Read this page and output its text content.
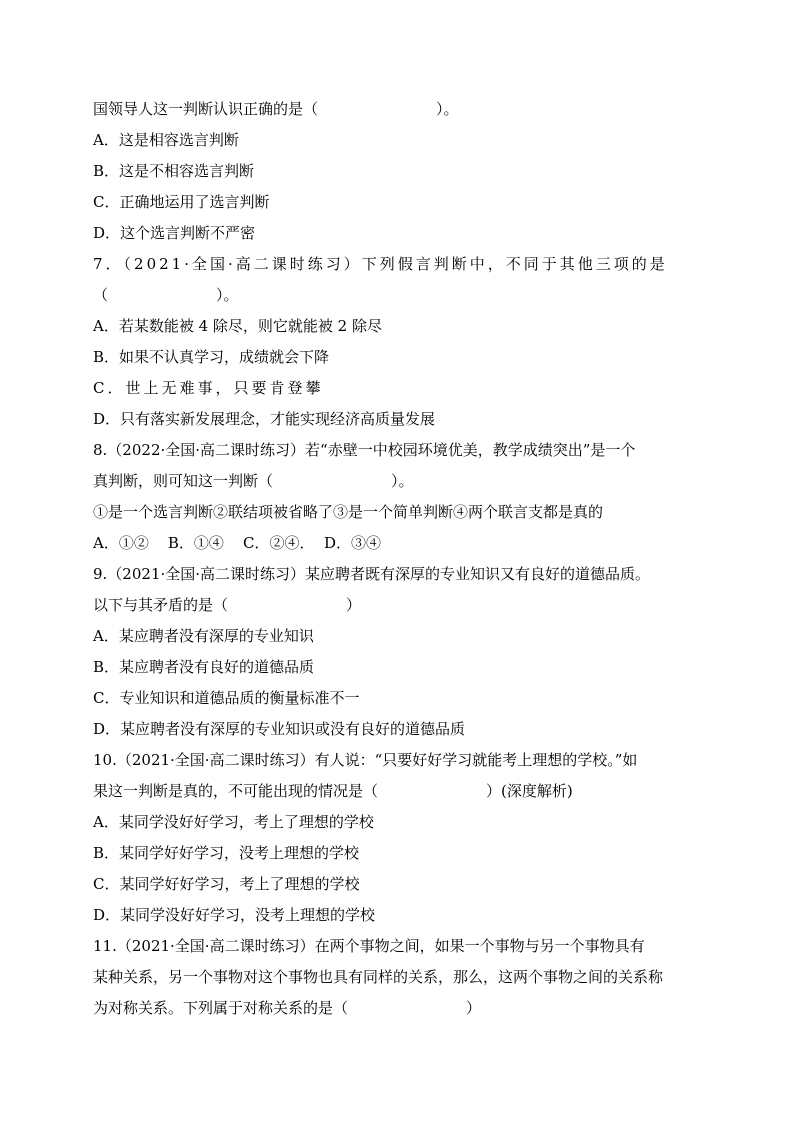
国领导人这一判断认识正确的是（	）。
A．这是相容选言判断
B．这是不相容选言判断
C．正确地运用了选言判断
D．这个选言判断不严密
7．（2021·全国·高二课时练习）下列假言判断中，不同于其他三项的是
（	）。
A．若某数能被 4 除尽，则它就能被 2 除尽
B．如果不认真学习，成绩就会下降
C．世上无难事，只要肯登攀
D．只有落实新发展理念，才能实现经济高质量发展
8.（2022·全国·高二课时练习）若“赤壁一中校园环境优美，教学成绩突出”是一个
真判断，则可知这一判断（	）。
①是一个选言判断②联结项被省略了③是一个简单判断④两个联言支都是真的
A．①②    B．①④    C．②④．  D．③④
9.（2021·全国·高二课时练习）某应聘者既有深厚的专业知识又有良好的道德品质。
以下与其矛盾的是（	）
A．某应聘者没有深厚的专业知识
B．某应聘者没有良好的道德品质
C．专业知识和道德品质的衡量标准不一
D．某应聘者没有深厚的专业知识或没有良好的道德品质
10.（2021·全国·高二课时练习）有人说：“只要好好学习就能考上理想的学校。”如
果这一判断是真的，不可能出现的情况是（	）(深度解析)
A．某同学没好好学习，考上了理想的学校
B．某同学好好学习，没考上理想的学校
C．某同学好好学习，考上了理想的学校
D．某同学没好好学习，没考上理想的学校
11.（2021·全国·高二课时练习）在两个事物之间，如果一个事物与另一个事物具有
某种关系，另一个事物对这个事物也具有同样的关系，那么，这两个事物之间的关系称
为对称关系。下列属于对称关系的是（	）
